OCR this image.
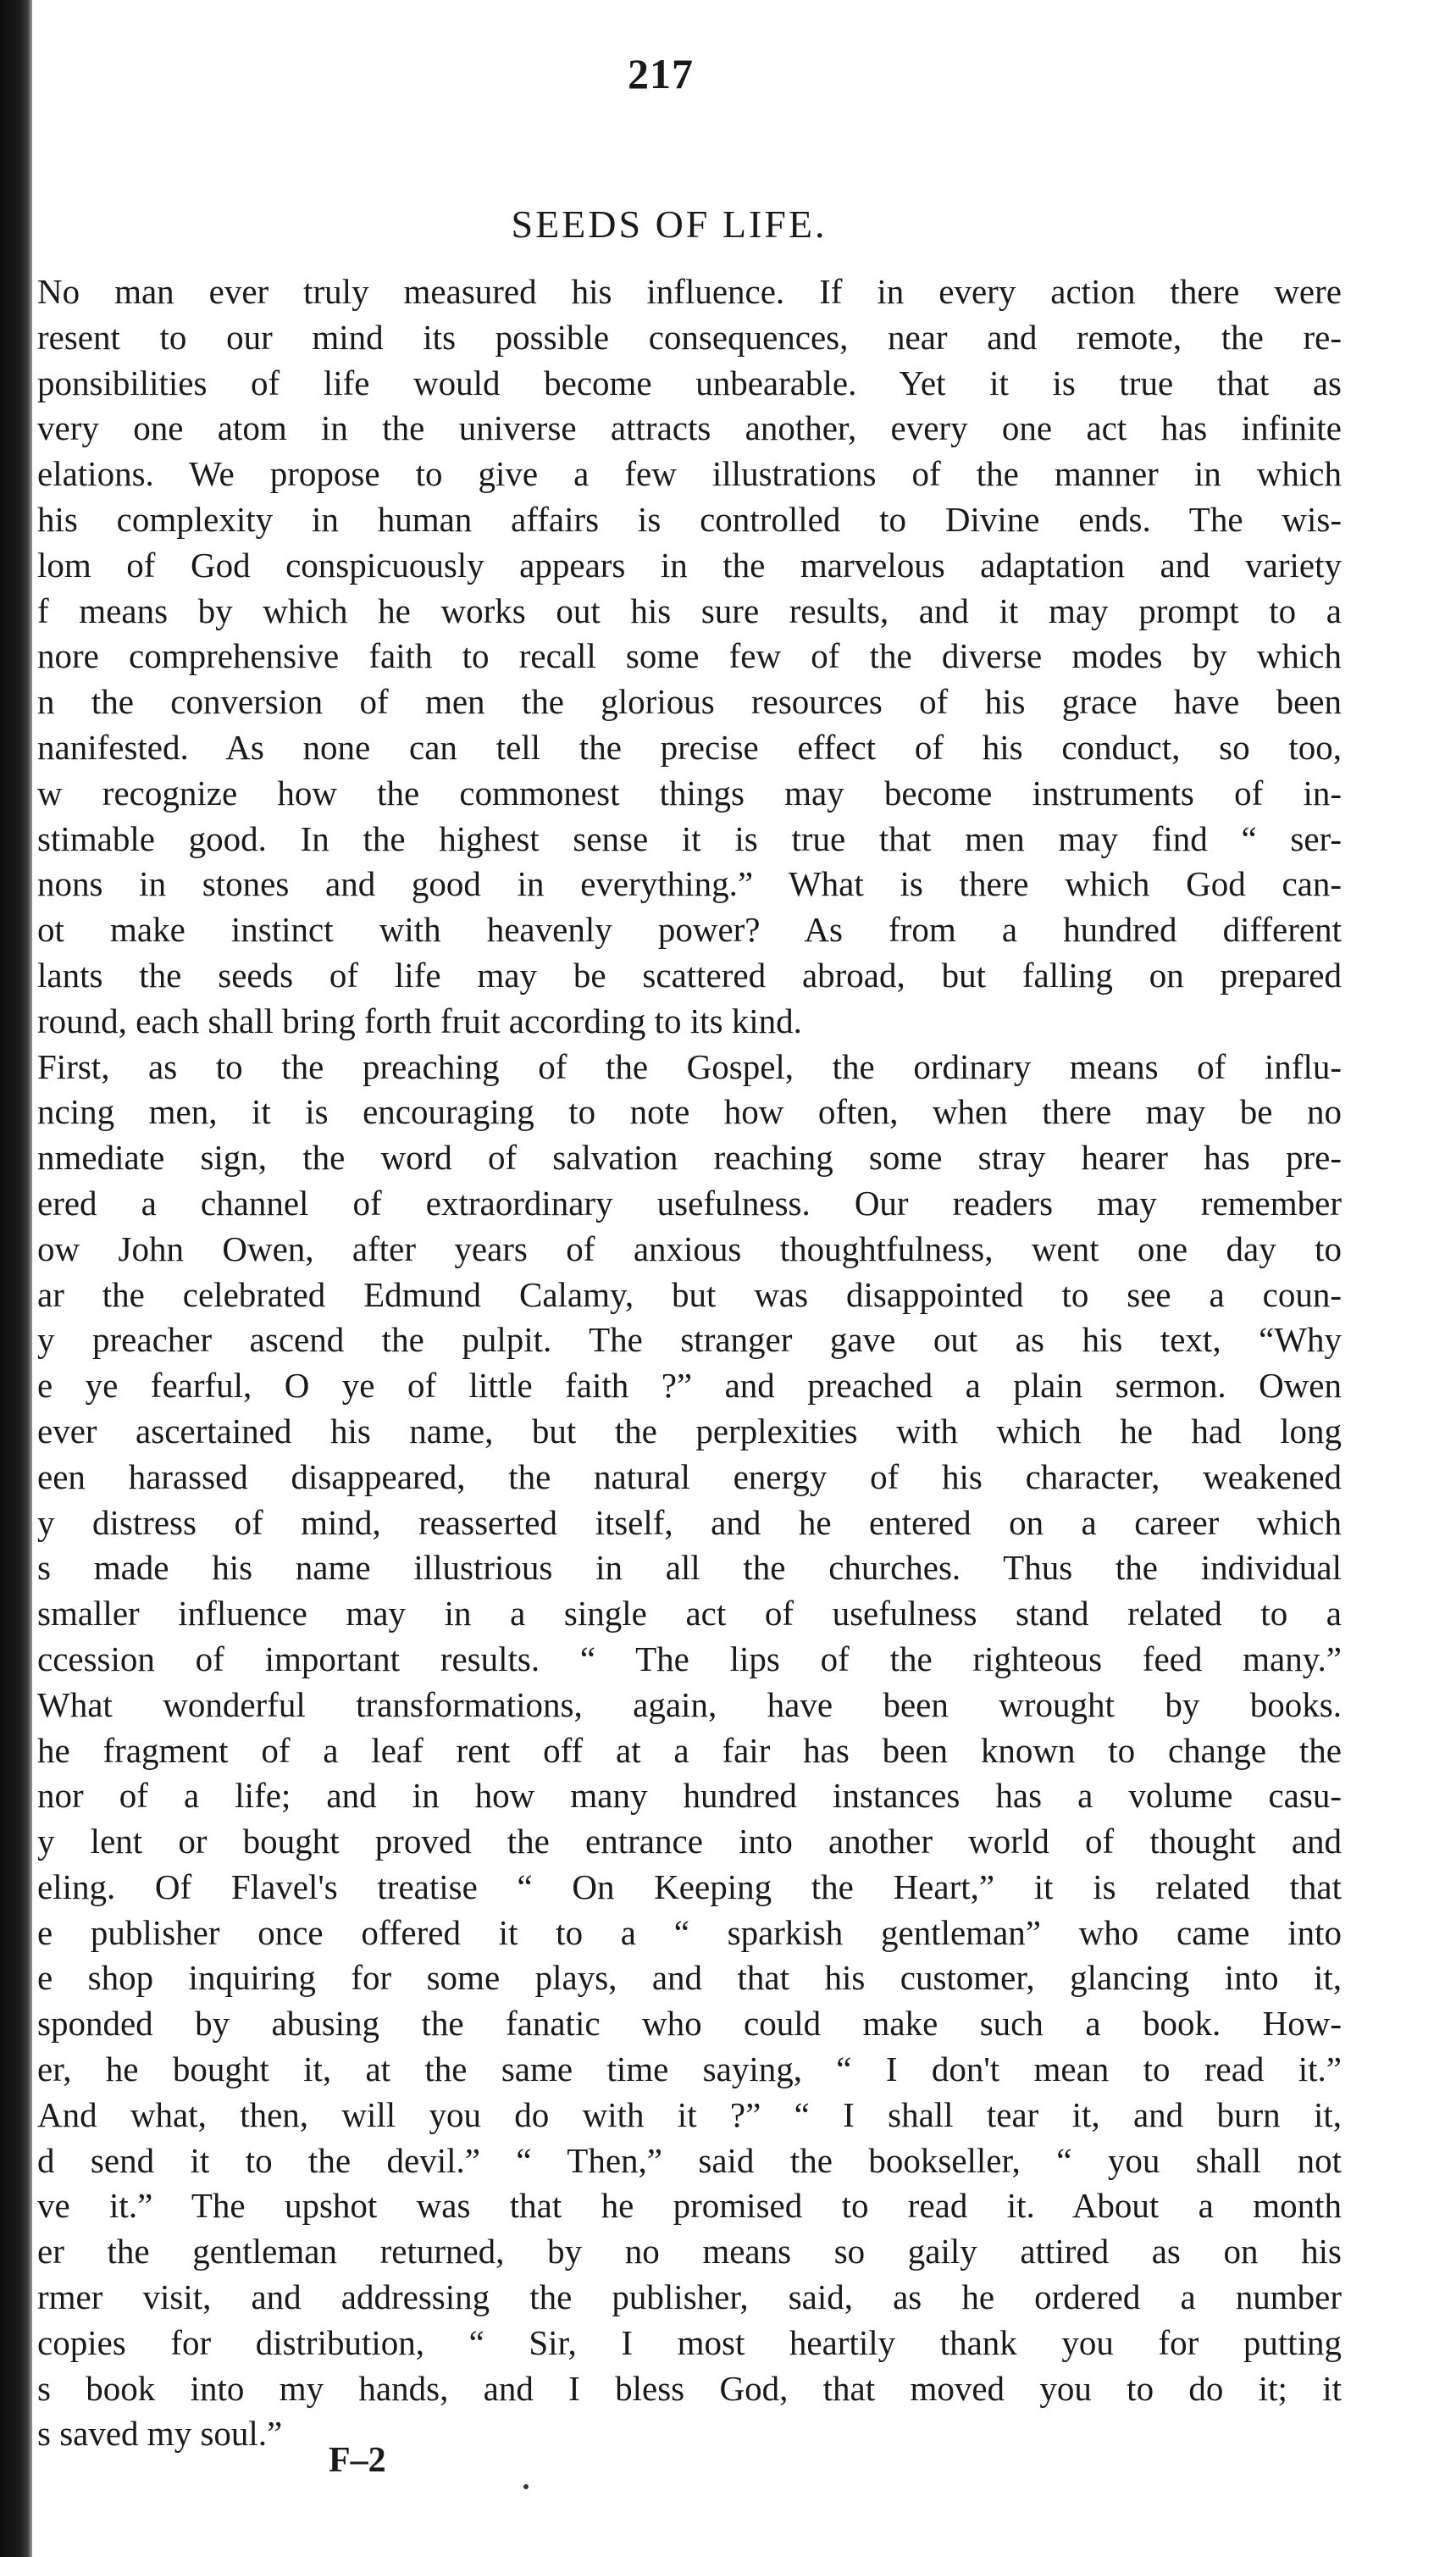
217
SEEDS OF LIFE.
No man ever truly measured his influence. If in every action there were
resent to our mind its possible consequences, near and remote, the re-
ponsibilities of life would become unbearable. Yet it is true that as
very one atom in the universe attracts another, every one act has infinite
elations. We propose to give a few illustrations of the manner in which
his complexity in human affairs is controlled to Divine ends. The wis-
lom of God conspicuously appears in the marvelous adaptation and variety
f means by which he works out his sure results, and it may prompt to a
nore comprehensive faith to recall some few of the diverse modes by which
n the conversion of men the glorious resources of his grace have been
nanifested. As none can tell the precise effect of his conduct, so too,
w recognize how the commonest things may become instruments of in-
stimable good. In the highest sense it is true that men may find “ ser-
nons in stones and good in everything.” What is there which God can-
ot make instinct with heavenly power? As from a hundred different
lants the seeds of life may be scattered abroad, but falling on prepared
round, each shall bring forth fruit according to its kind.
First, as to the preaching of the Gospel, the ordinary means of influ-
ncing men, it is encouraging to note how often, when there may be no
nmediate sign, the word of salvation reaching some stray hearer has pre-
ered a channel of extraordinary usefulness. Our readers may remember
ow John Owen, after years of anxious thoughtfulness, went one day to
ar the celebrated Edmund Calamy, but was disappointed to see a coun-
y preacher ascend the pulpit. The stranger gave out as his text, “Why
e ye fearful, O ye of little faith ?” and preached a plain sermon. Owen
ever ascertained his name, but the perplexities with which he had long
een harassed disappeared, the natural energy of his character, weakened
y distress of mind, reasserted itself, and he entered on a career which
s made his name illustrious in all the churches. Thus the individual
smaller influence may in a single act of usefulness stand related to a
ccession of important results. “ The lips of the righteous feed many.”
What wonderful transformations, again, have been wrought by books.
he fragment of a leaf rent off at a fair has been known to change the
nor of a life; and in how many hundred instances has a volume casu-
y lent or bought proved the entrance into another world of thought and
eling. Of Flavel's treatise “ On Keeping the Heart,” it is related that
e publisher once offered it to a “ sparkish gentleman” who came into
e shop inquiring for some plays, and that his customer, glancing into it,
sponded by abusing the fanatic who could make such a book. How-
er, he bought it, at the same time saying, “ I don't mean to read it.”
And what, then, will you do with it ?” “ I shall tear it, and burn it,
d send it to the devil.” “ Then,” said the bookseller, “ you shall not
ve it.” The upshot was that he promised to read it. About a month
er the gentleman returned, by no means so gaily attired as on his
rmer visit, and addressing the publisher, said, as he ordered a number
copies for distribution, “ Sir, I most heartily thank you for putting
s book into my hands, and I bless God, that moved you to do it; it
s saved my soul.”
F–2
